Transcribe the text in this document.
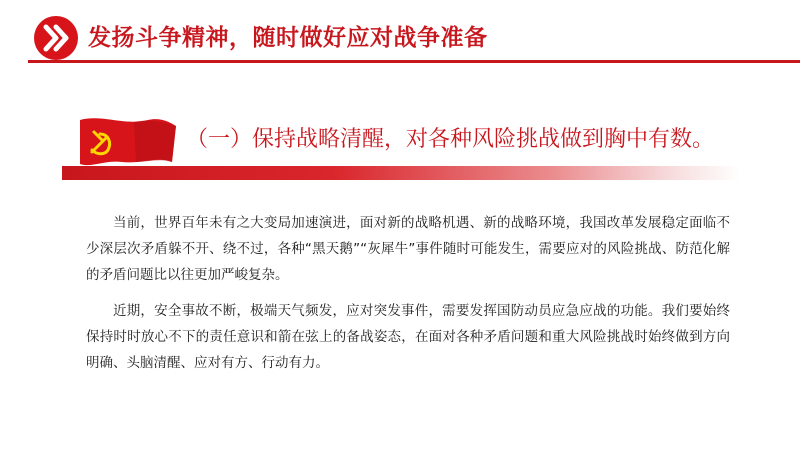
发扬斗争精神，随时做好应对战争准备
（一）保持战略清醒，对各种风险挑战做到胸中有数。

当前，世界百年未有之大变局加速演进，面对新的战略机遇、新的战略环境，我国改革发展稳定面临不少深层次矛盾躲不开、绕不过，各种“黑天鹅”“灰犀牛”事件随时可能发生，需要应对的风险挑战、防范化解的矛盾问题比以往更加严峻复杂。

近期，安全事故不断，极端天气频发，应对突发事件，需要发挥国防动员应急应战的功能。我们要始终保持时时放心不下的责任意识和箭在弦上的备战姿态，在面对各种矛盾问题和重大风险挑战时始终做到方向明确、头脑清醒、应对有方、行动有力。
